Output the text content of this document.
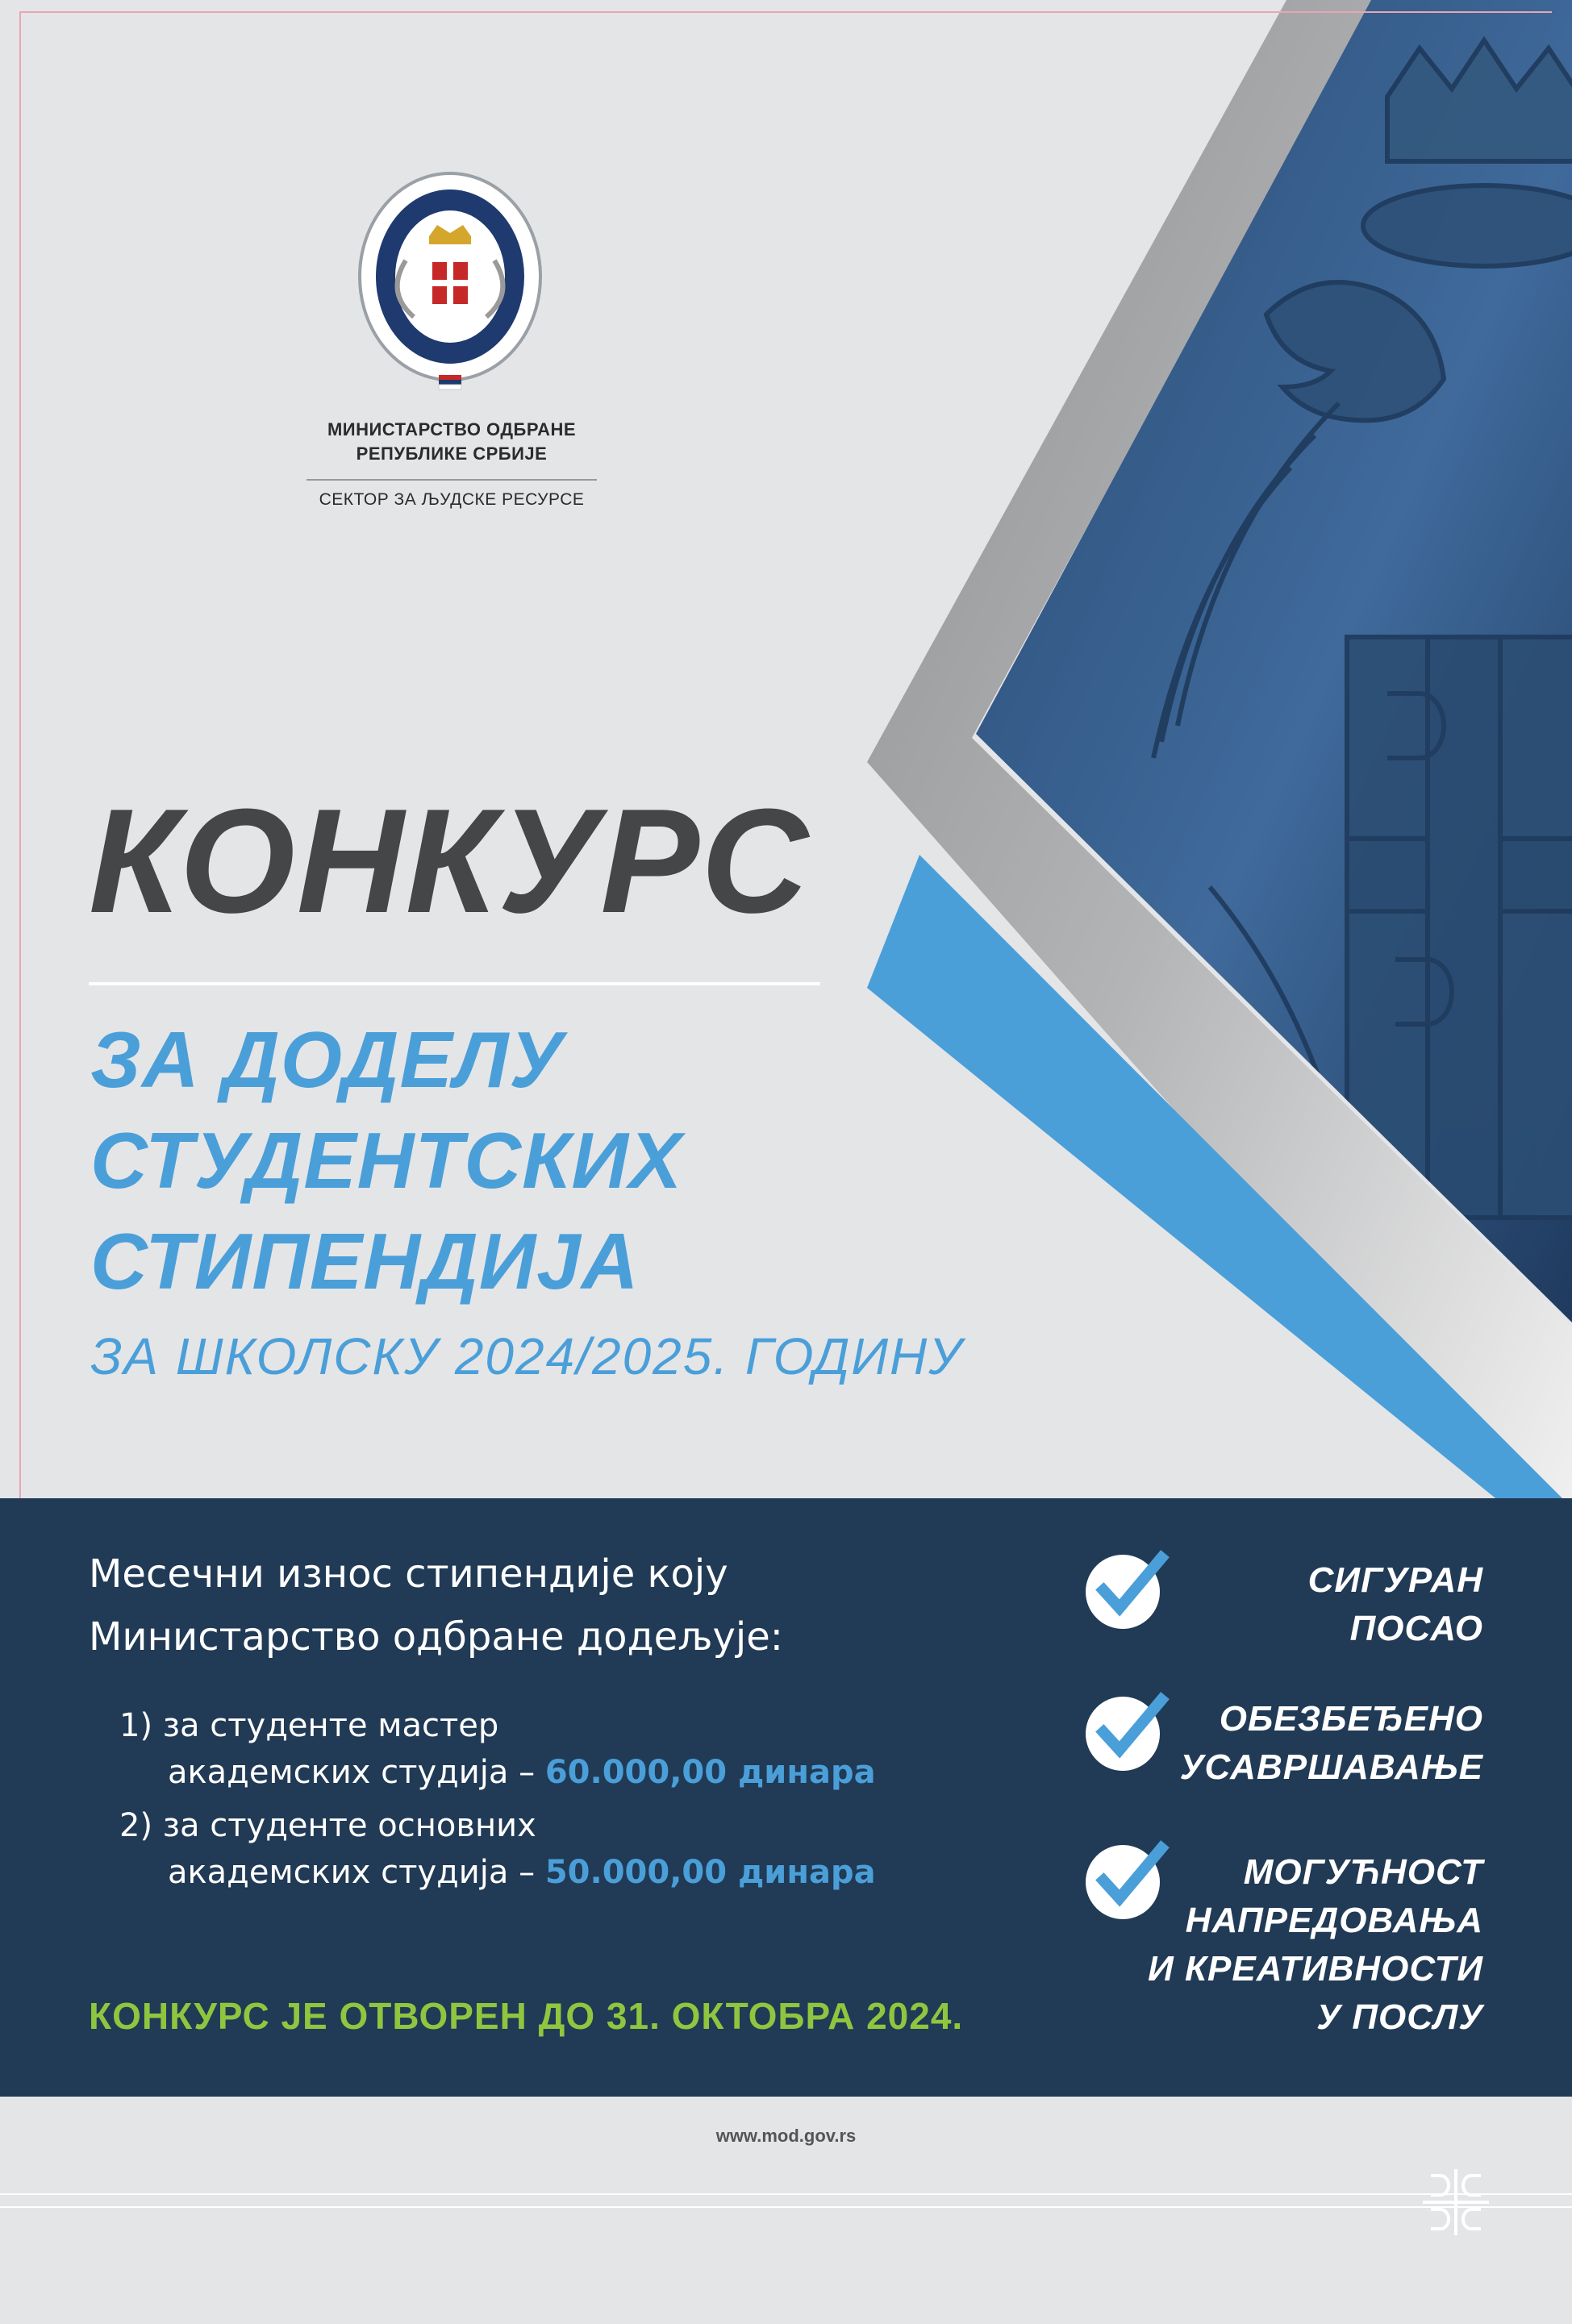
МИНИСТАРСТВО ОДБРАНЕ
РЕПУБЛИКЕ СРБИЈЕ
СЕКТОР ЗА ЉУДСКЕ РЕСУРСЕ
КОНКУРС
ЗА ДОДЕЛУ
СТУДЕНТСКИХ
СТИПЕНДИЈА
ЗА ШКОЛСКУ 2024/2025. ГОДИНУ
Месечни износ стипендије коју
Министарство одбране додељује:
1) за студенте мастер
академских студија – 60.000,00 динара
2) за студенте основних
академских студија – 50.000,00 динара
КОНКУРС ЈЕ ОТВОРЕН ДО 31. ОКТОБРА 2024.
СИГУРАН
ПОСАО
ОБЕЗБЕЂЕНО
УСАВРШАВАЊЕ
МОГУЋНОСТ
НАПРЕДОВАЊА
И КРЕАТИВНОСТИ
У ПОСЛУ
www.mod.gov.rs
